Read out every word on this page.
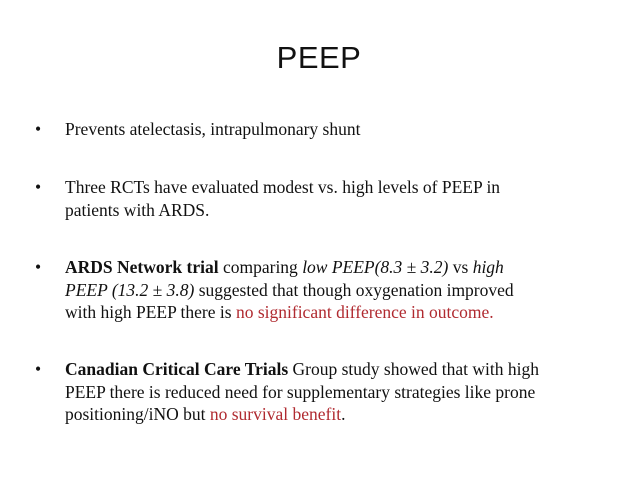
PEEP
•	Prevents atelectasis, intrapulmonary shunt
•	Three RCTs have evaluated modest vs. high levels of PEEP in
patients with ARDS.
•	ARDS Network trial comparing low PEEP(8.3 ± 3.2) vs high
PEEP (13.2 ± 3.8) suggested that though oxygenation improved
with high PEEP there is no significant difference in outcome.
•	Canadian Critical Care Trials Group study showed that with high
PEEP there is reduced need for supplementary strategies like prone
positioning/iNO but no survival benefit.
